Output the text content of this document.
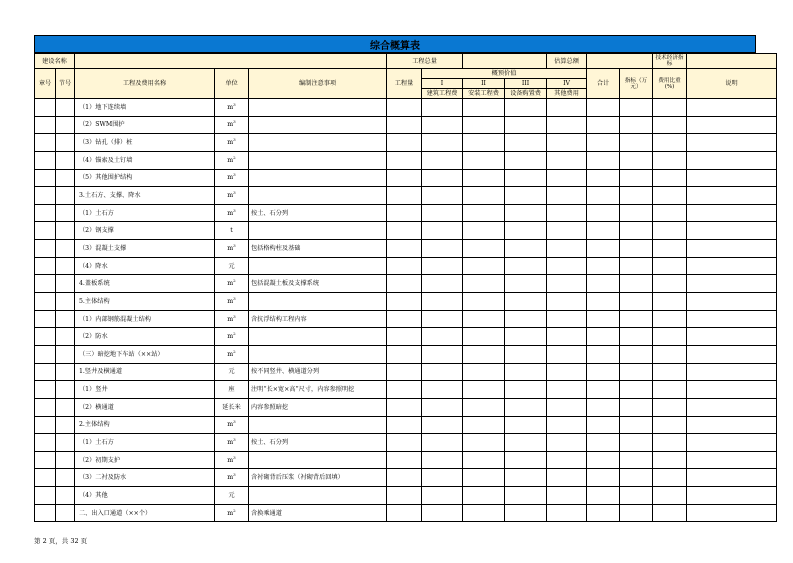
综合概算表
建设名称					工程总量				估算总额			技术经济指标	
章号	节号	工程及费用名称	单位	编制注意事项	工程量	概预价值				合计	指标（万元）	费用比重(%)	说明
						I	II	III	IV				
						建筑工程费	安装工程费	设备购置费	其他费用				
		（1）地下连续墙	$m^3$										
		（2）SWM围护	$m^3$										
		（3）钻孔（排）桩	$m^3$										
		（4）锚索及土钉墙	$m^2$										
		（5）其他围护结构	$m^3$										
		3.土石方、支撑、降水	$m^3$										
		（1）土石方	$m^3$	按土、石分列									
		（2）钢支撑	t										
		（3）混凝土支撑	$m^3$	包括格构柱及基础									
		（4）降水	元										
		4.盖板系统	$m^2$	包括混凝土板及支撑系统									
		5.主体结构	$m^3$										
		（1）内部钢筋混凝土结构	$m^3$	含抗浮结构工程内容									
		（2）防水	$m^2$										
		（三）暗挖地下车站（××站）	$m^2$										
		1.竖井及横通道	元	按不同竖井、横通道分列									
		（1）竖井	座	注明“长×宽×高”尺寸，内容参照明挖									
		（2）横通道	延长米	内容参照暗挖									
		2.主体结构	$m^3$										
		（1）土石方	$m^3$	按土、石分列									
		（2）初期支护	$m^3$										
		（3）二衬及防水	$m^3$	含衬砌背后压浆（衬砌背后回填）									
		（4）其他	元										
		二、出入口通道（××个）	$m^2$	含换乘通道									
第 2 页，共 32 页
